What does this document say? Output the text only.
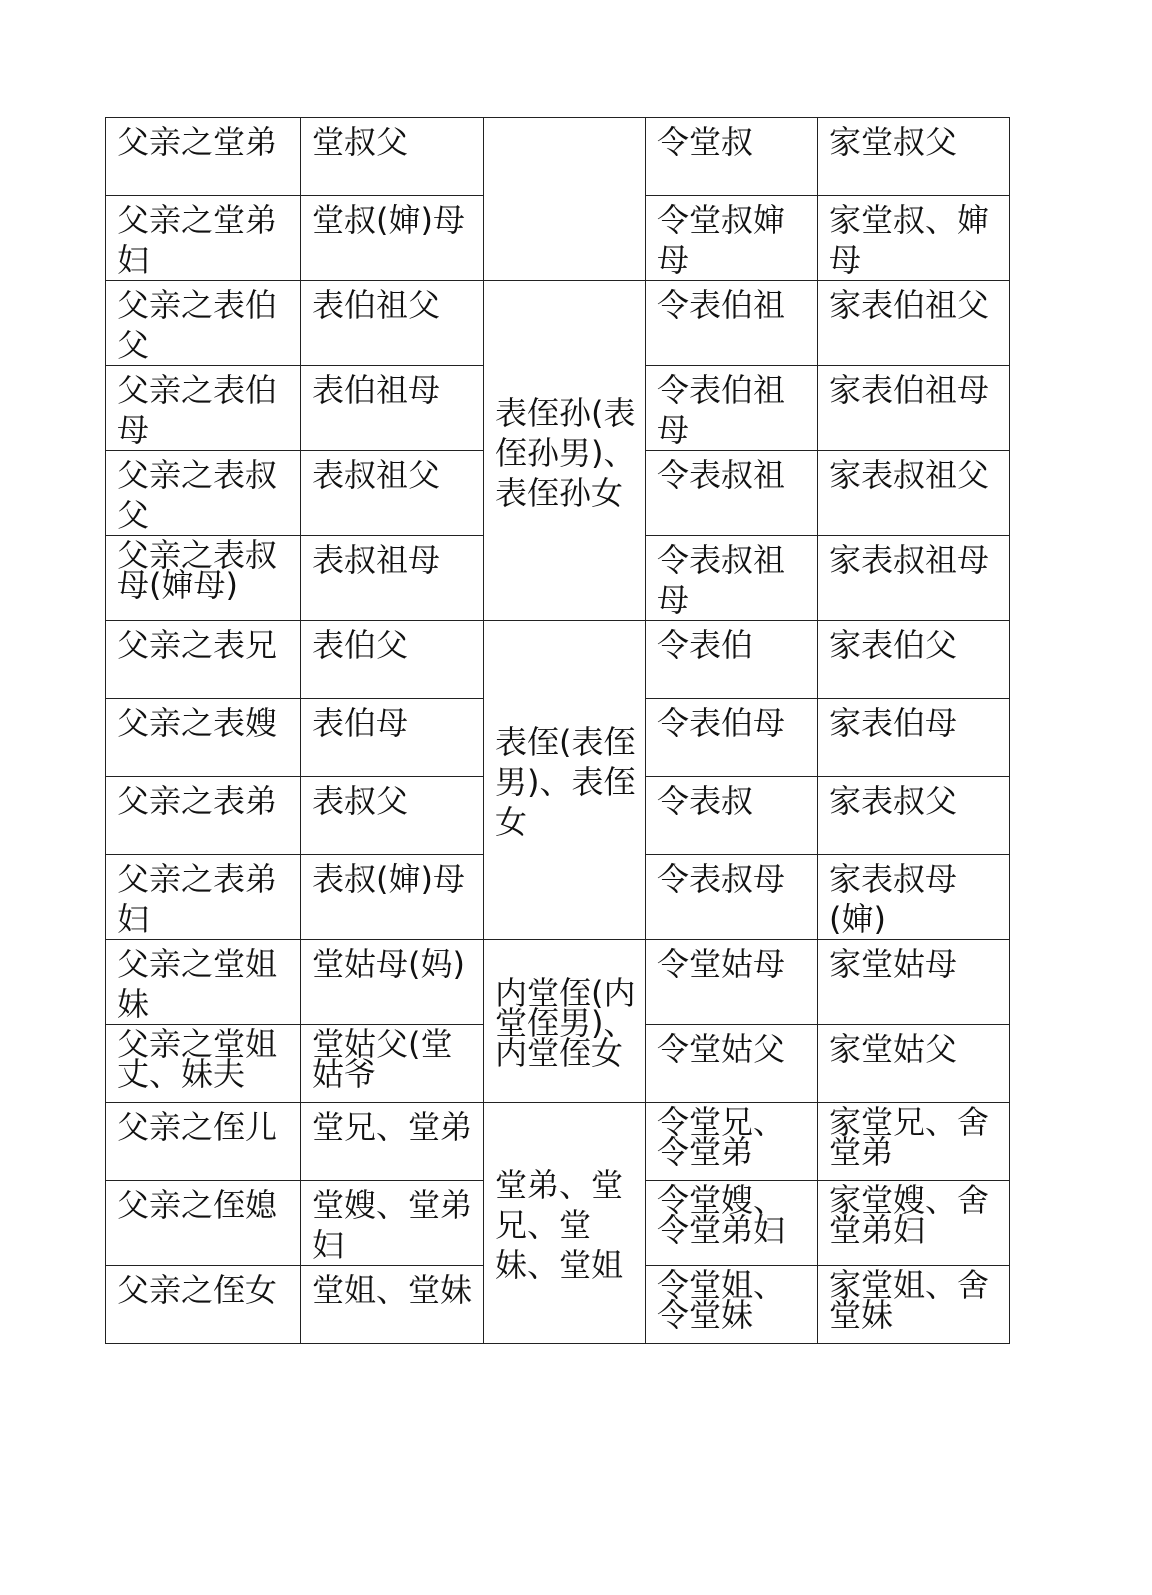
父亲之堂弟	堂叔父		令堂叔	家堂叔父
父亲之堂弟妇	堂叔(婶)母		令堂叔婶母	家堂叔、婶母
父亲之表伯父	表伯祖父	表侄孙(表侄孙男)、表侄孙女	令表伯祖	家表伯祖父
父亲之表伯母	表伯祖母		令表伯祖母	家表伯祖母
父亲之表叔父	表叔祖父		令表叔祖	家表叔祖父
父亲之表叔母(婶母)	表叔祖母		令表叔祖母	家表叔祖母
父亲之表兄	表伯父	表侄(表侄男)、表侄女	令表伯	家表伯父
父亲之表嫂	表伯母		令表伯母	家表伯母
父亲之表弟	表叔父		令表叔	家表叔父
父亲之表弟妇	表叔(婶)母		令表叔母	家表叔母(婶)
父亲之堂姐妹	堂姑母(妈)	内堂侄(内堂侄男)、内堂侄女	令堂姑母	家堂姑母
父亲之堂姐丈、妹夫	堂姑父(堂姑爷		令堂姑父	家堂姑父
父亲之侄儿	堂兄、堂弟	堂弟、堂兄、堂妹、堂姐	令堂兄、令堂弟	家堂兄、舍堂弟
父亲之侄媳	堂嫂、堂弟妇		令堂嫂、令堂弟妇	家堂嫂、舍堂弟妇
父亲之侄女	堂姐、堂妹		令堂姐、令堂妹	家堂姐、舍堂妹
